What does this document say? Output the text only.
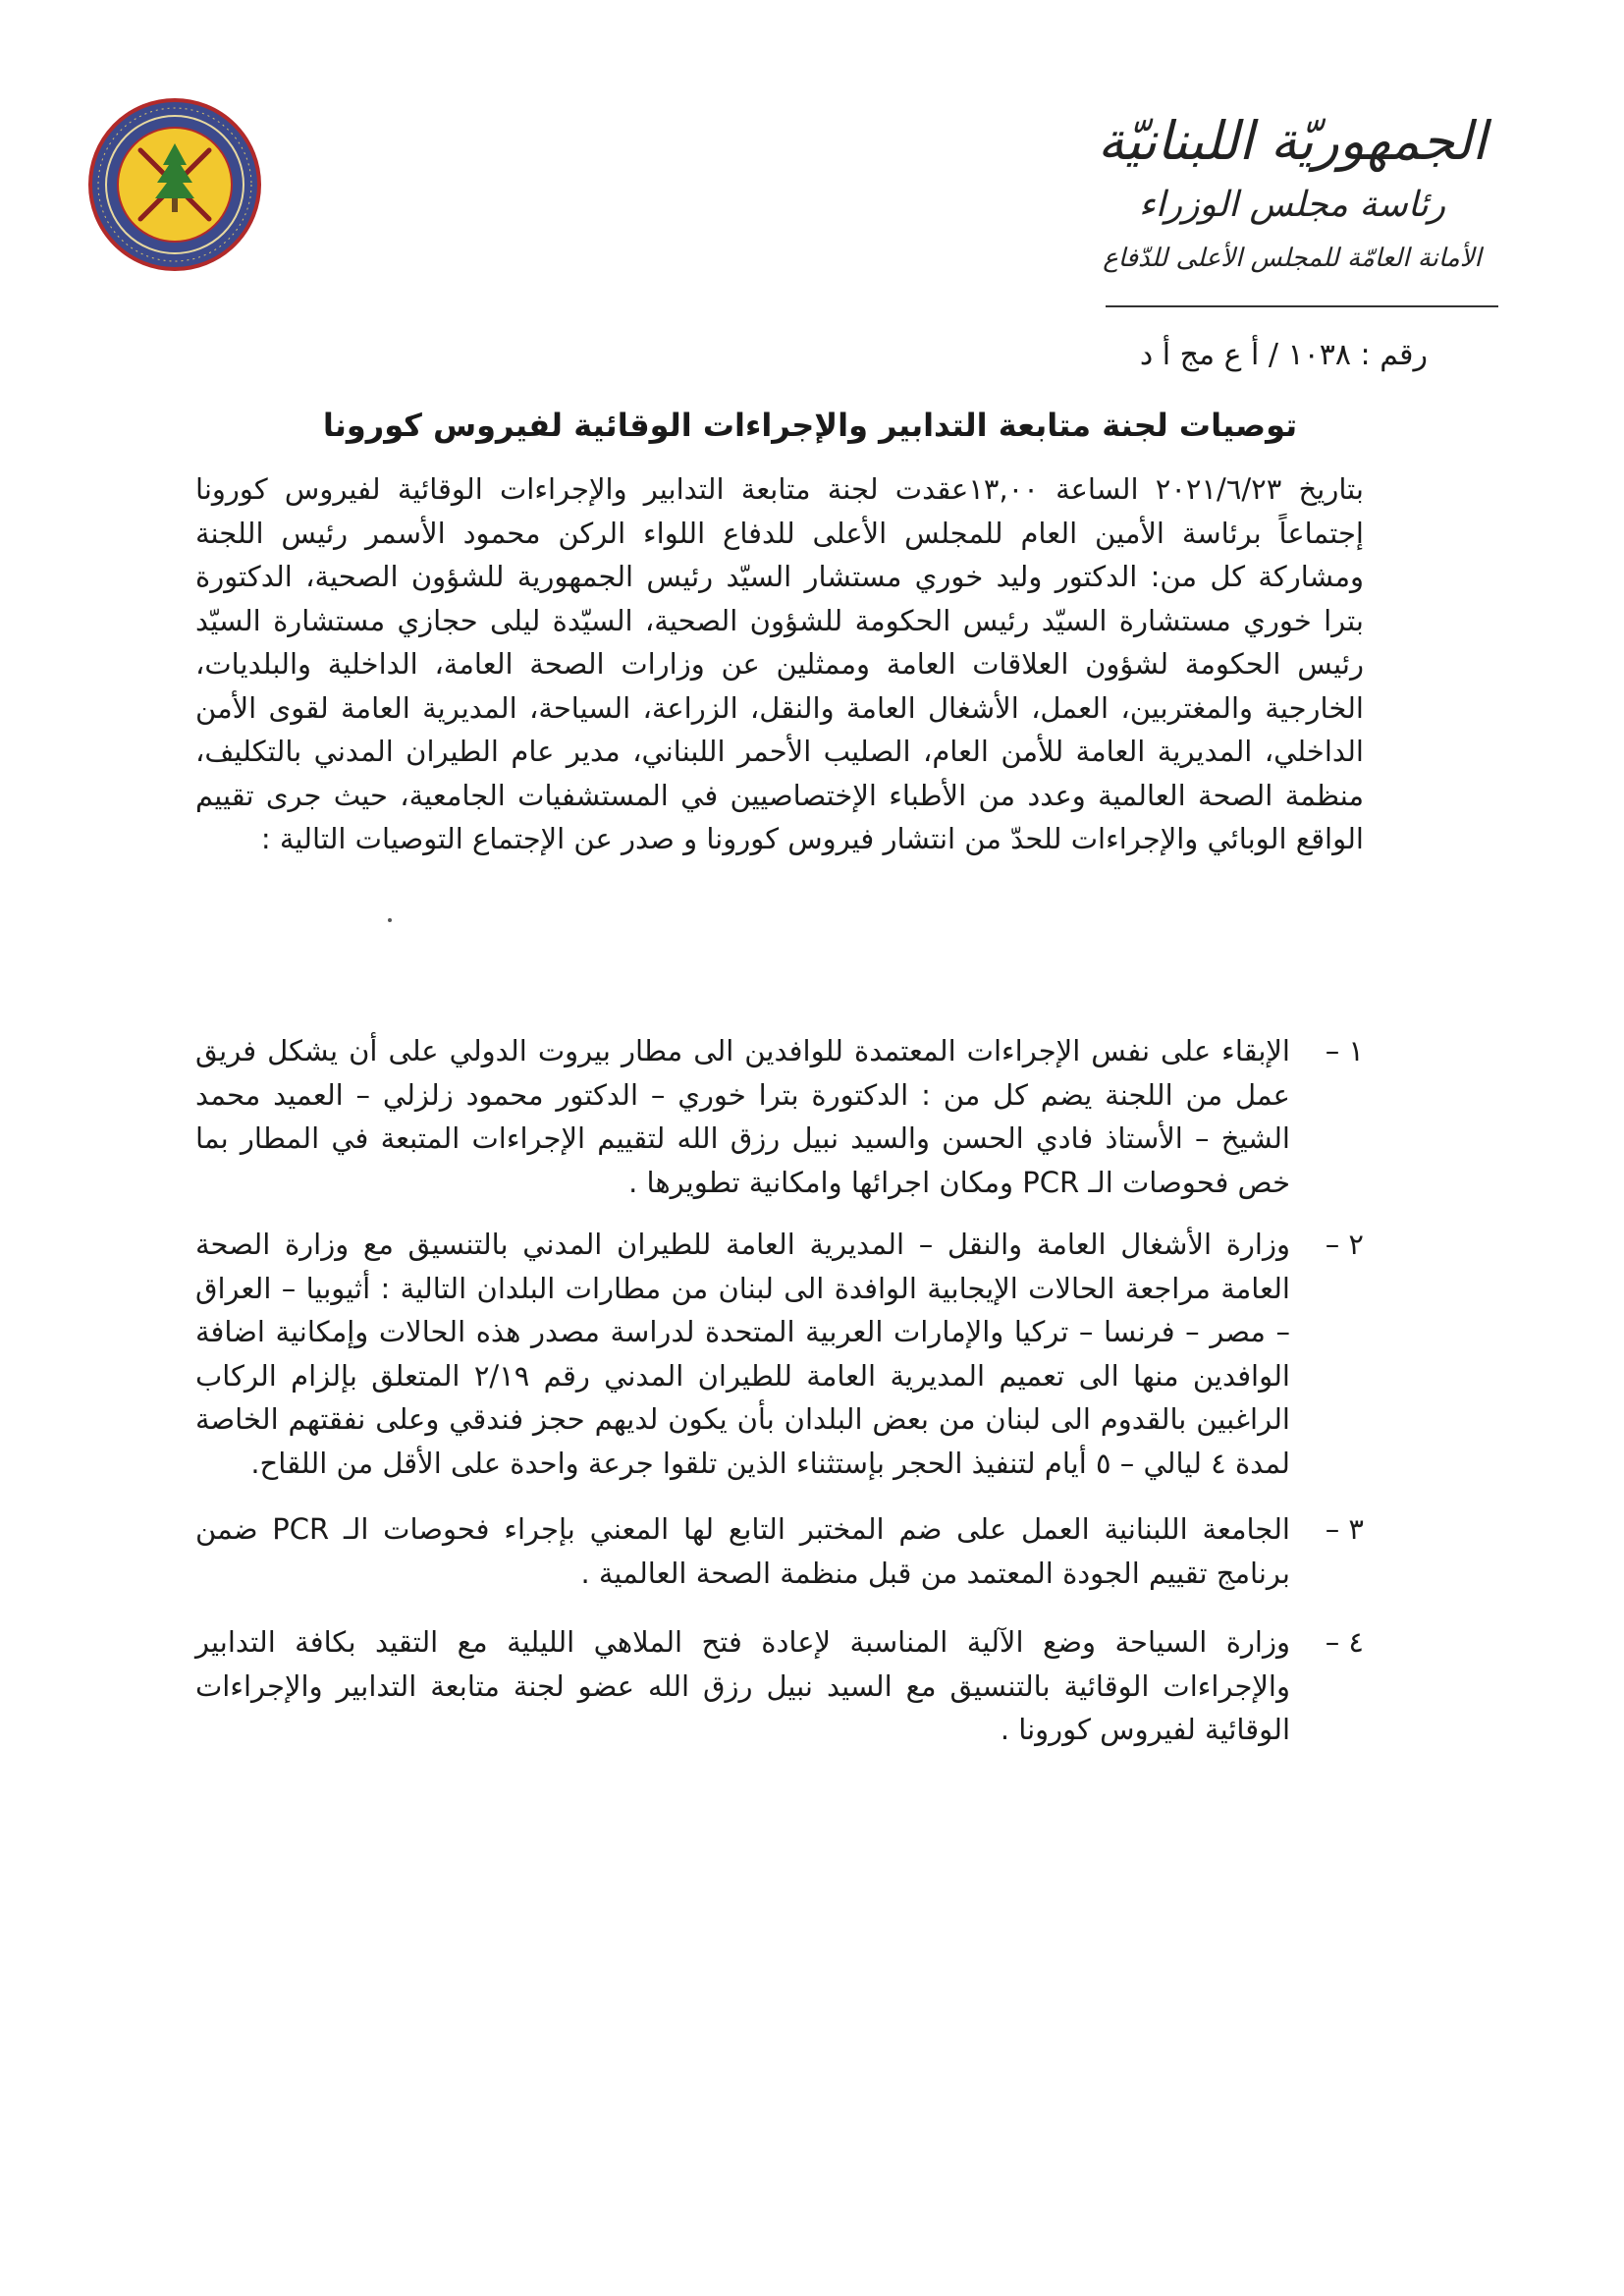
الجمهوريّة اللبنانيّة
رئاسة مجلس الوزراء
الأمانة العامّة للمجلس الأعلى للدّفاع
رقم : ١٠٣٨ / أ ع مج أ د
توصيات لجنة متابعة التدابير والإجراءات الوقائية لفيروس كورونا

بتاريخ ٢٠٢١/٦/٢٣ الساعة ١٣,٠٠عقدت لجنة متابعة التدابير والإجراءات الوقائية لفيروس كورونا إجتماعاً برئاسة الأمين العام للمجلس الأعلى للدفاع اللواء الركن محمود الأسمر رئيس اللجنة ومشاركة كل من: الدكتور وليد خوري مستشار السيّد رئيس الجمهورية للشؤون الصحية، الدكتورة بترا خوري مستشارة السيّد رئيس الحكومة للشؤون الصحية، السيّدة ليلى حجازي مستشارة السيّد رئيس الحكومة لشؤون العلاقات العامة وممثلين عن وزارات الصحة العامة، الداخلية والبلديات، الخارجية والمغتربين، العمل، الأشغال العامة والنقل، الزراعة، السياحة، المديرية العامة لقوى الأمن الداخلي، المديرية العامة للأمن العام، الصليب الأحمر اللبناني، مدير عام الطيران المدني بالتكليف، منظمة الصحة العالمية وعدد من الأطباء الإختصاصيين في المستشفيات الجامعية، حيث جرى تقييم الواقع الوبائي والإجراءات للحدّ من انتشار فيروس كورونا و صدر عن الإجتماع التوصيات التالية :

١ –
الإبقاء على نفس الإجراءات المعتمدة للوافدين الى مطار بيروت الدولي على أن يشكل فريق عمل من اللجنة يضم كل من : الدكتورة بترا خوري – الدكتور محمود زلزلي – العميد محمد الشيخ – الأستاذ فادي الحسن والسيد نبيل رزق الله لتقييم الإجراءات المتبعة في المطار بما خص فحوصات الـ PCR ومكان اجرائها وامكانية تطويرها .
٢ –
وزارة الأشغال العامة والنقل – المديرية العامة للطيران المدني بالتنسيق مع وزارة الصحة العامة مراجعة الحالات الإيجابية الوافدة الى لبنان من مطارات البلدان التالية : أثيوبيا – العراق – مصر – فرنسا – تركيا والإمارات العربية المتحدة لدراسة مصدر هذه الحالات وإمكانية اضافة الوافدين منها الى تعميم المديرية العامة للطيران المدني رقم ٢/١٩ المتعلق بإلزام الركاب الراغبين بالقدوم الى لبنان من بعض البلدان بأن يكون لديهم حجز فندقي وعلى نفقتهم الخاصة لمدة ٤ ليالي – ٥ أيام لتنفيذ الحجر بإستثناء الذين تلقوا جرعة واحدة على الأقل من اللقاح.
٣ –
الجامعة اللبنانية العمل على ضم المختبر التابع لها المعني بإجراء فحوصات الـ PCR ضمن برنامج تقييم الجودة المعتمد من قبل منظمة الصحة العالمية .
٤ –
وزارة السياحة وضع الآلية المناسبة لإعادة فتح الملاهي الليلية مع التقيد بكافة التدابير والإجراءات الوقائية بالتنسيق مع السيد نبيل رزق الله عضو لجنة متابعة التدابير والإجراءات الوقائية لفيروس كورونا .
